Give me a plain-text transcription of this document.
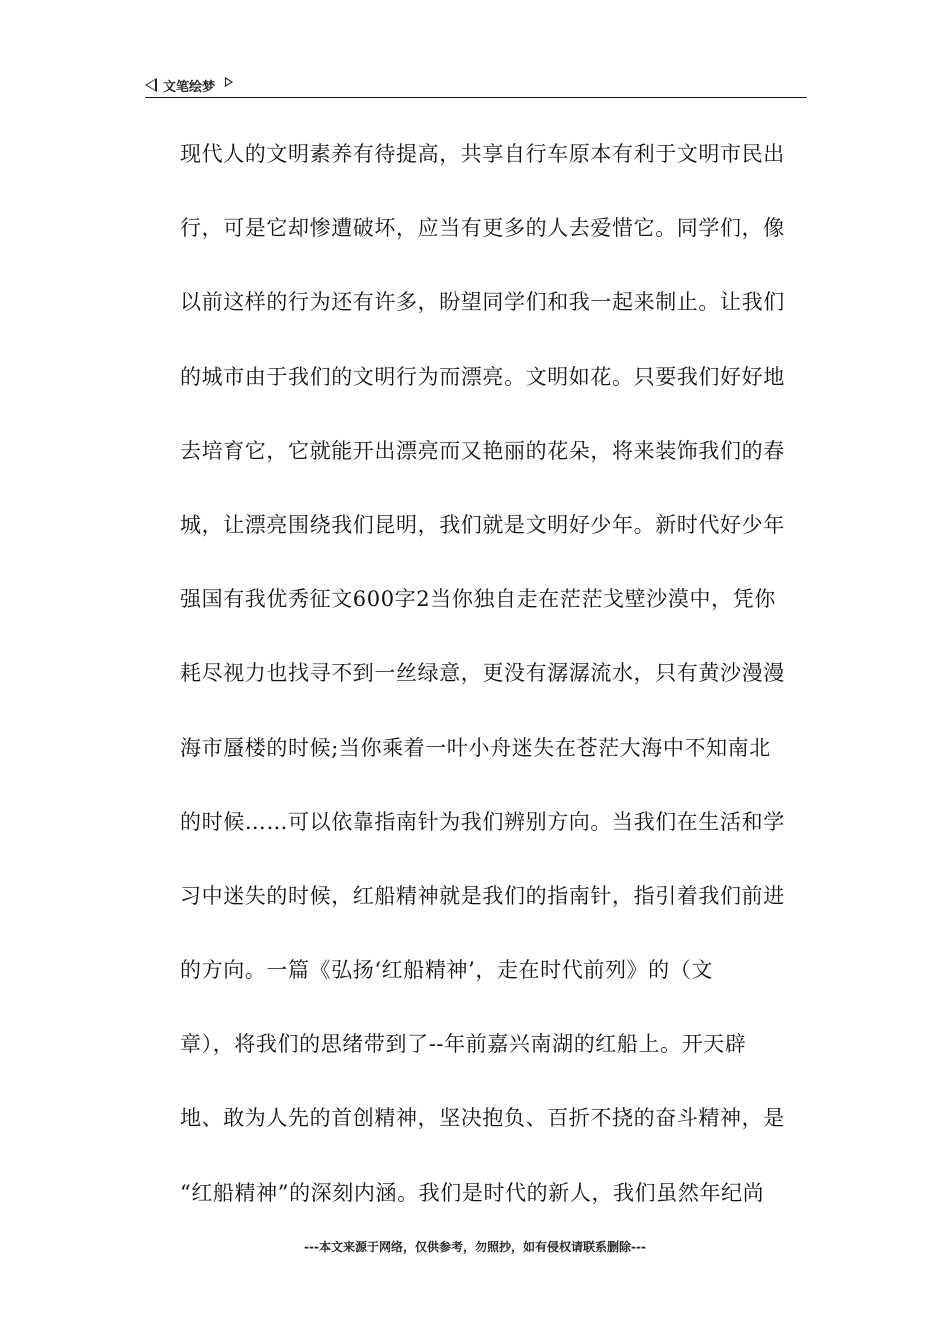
文笔绘梦
现代人的文明素养有待提高，共享自行车原本有利于文明市民出
行，可是它却惨遭破坏，应当有更多的人去爱惜它。同学们，像
以前这样的行为还有许多，盼望同学们和我一起来制止。让我们
的城市由于我们的文明行为而漂亮。文明如花。只要我们好好地
去培育它，它就能开出漂亮而又艳丽的花朵，将来装饰我们的春
城，让漂亮围绕我们昆明，我们就是文明好少年。新时代好少年
强国有我优秀征文600字2当你独自走在茫茫戈壁沙漠中，凭你
耗尽视力也找寻不到一丝绿意，更没有潺潺流水，只有黄沙漫漫
海市蜃楼的时候;当你乘着一叶小舟迷失在苍茫大海中不知南北
的时候……可以依靠指南针为我们辨别方向。当我们在生活和学
习中迷失的时候，红船精神就是我们的指南针，指引着我们前进
的方向。一篇《弘扬‘红船精神’，走在时代前列》的（文
章），将我们的思绪带到了--年前嘉兴南湖的红船上。开天辟
地、敢为人先的首创精神，坚决抱负、百折不挠的奋斗精神，是
“红船精神”的深刻内涵。我们是时代的新人，我们虽然年纪尚
---本文来源于网络，仅供参考，勿照抄，如有侵权请联系删除---
